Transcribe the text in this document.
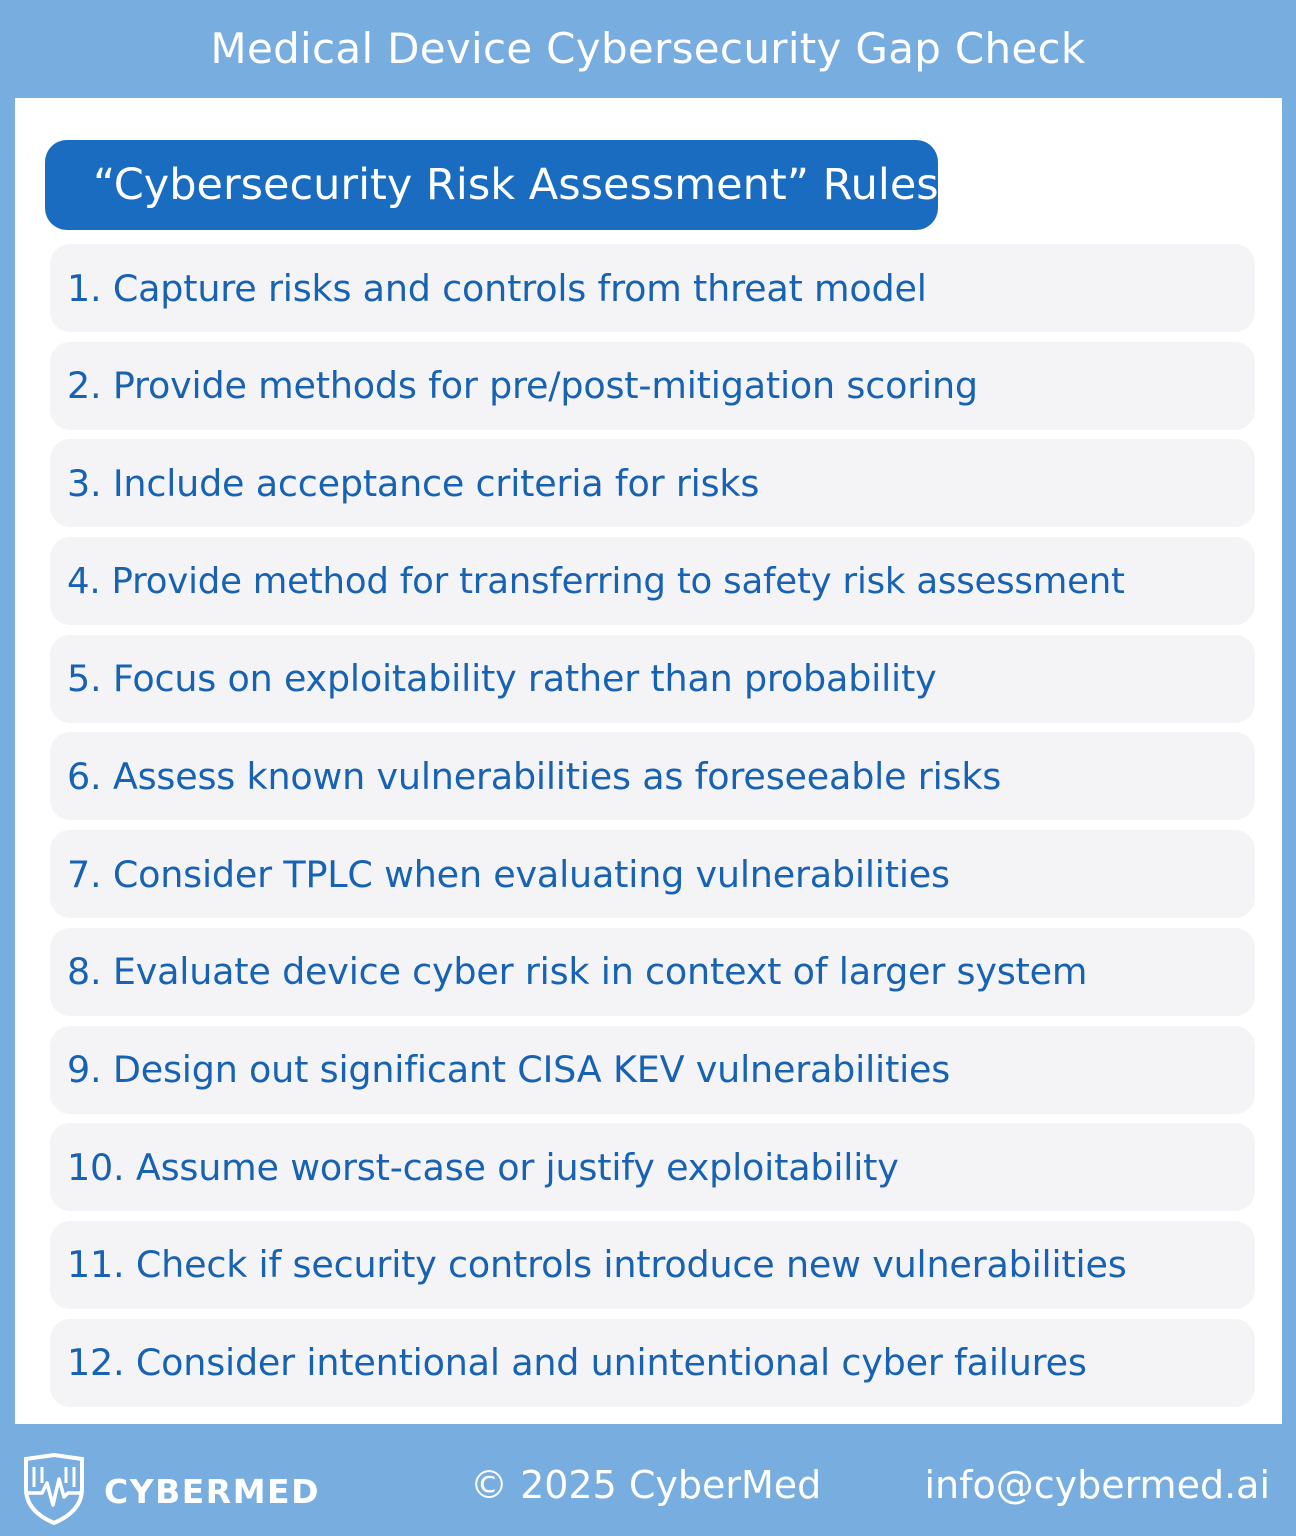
Medical Device Cybersecurity Gap Check
“Cybersecurity Risk Assessment” Rules
1. Capture risks and controls from threat model
2. Provide methods for pre/post-mitigation scoring
3. Include acceptance criteria for risks
4. Provide method for transferring to safety risk assessment
5. Focus on exploitability rather than probability
6. Assess known vulnerabilities as foreseeable risks
7. Consider TPLC when evaluating vulnerabilities
8. Evaluate device cyber risk in context of larger system
9. Design out significant CISA KEV vulnerabilities
10. Assume worst-case or justify exploitability
11. Check if security controls introduce new vulnerabilities
12. Consider intentional and unintentional cyber failures
CYBERMED	© 2025 CyberMed	info@cybermed.ai
